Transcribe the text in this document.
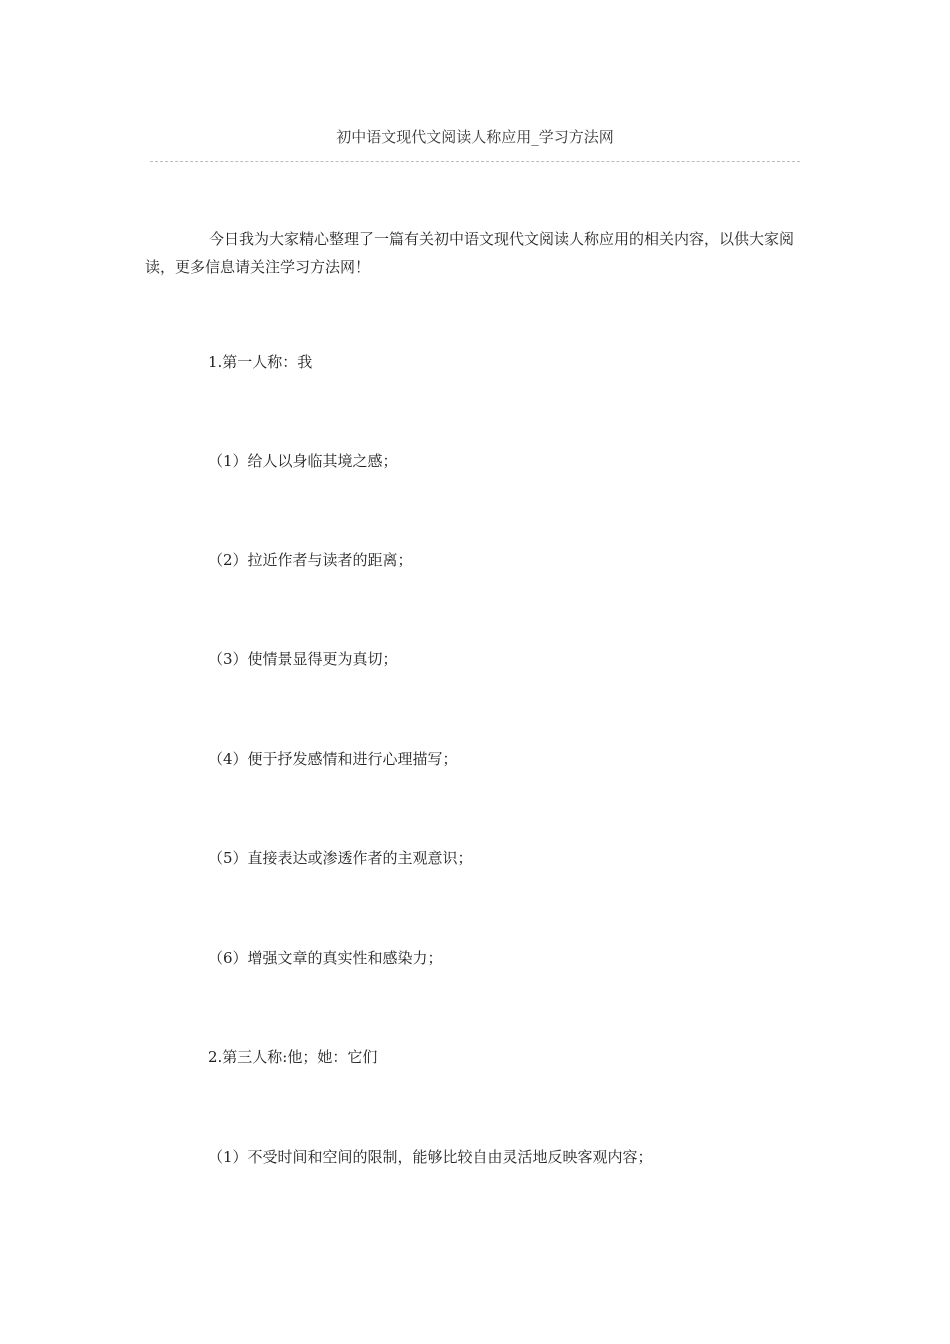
初中语文现代文阅读人称应用_学习方法网

今日我为大家精心整理了一篇有关初中语文现代文阅读人称应用的相关内容，以供大家阅读，更多信息请关注学习方法网！

1.第一人称：我

（1）给人以身临其境之感；

（2）拉近作者与读者的距离；

（3）使情景显得更为真切；

（4）便于抒发感情和进行心理描写；

（5）直接表达或渗透作者的主观意识；

（6）增强文章的真实性和感染力；

2.第三人称:他；她：它们

（1）不受时间和空间的限制，能够比较自由灵活地反映客观内容；
